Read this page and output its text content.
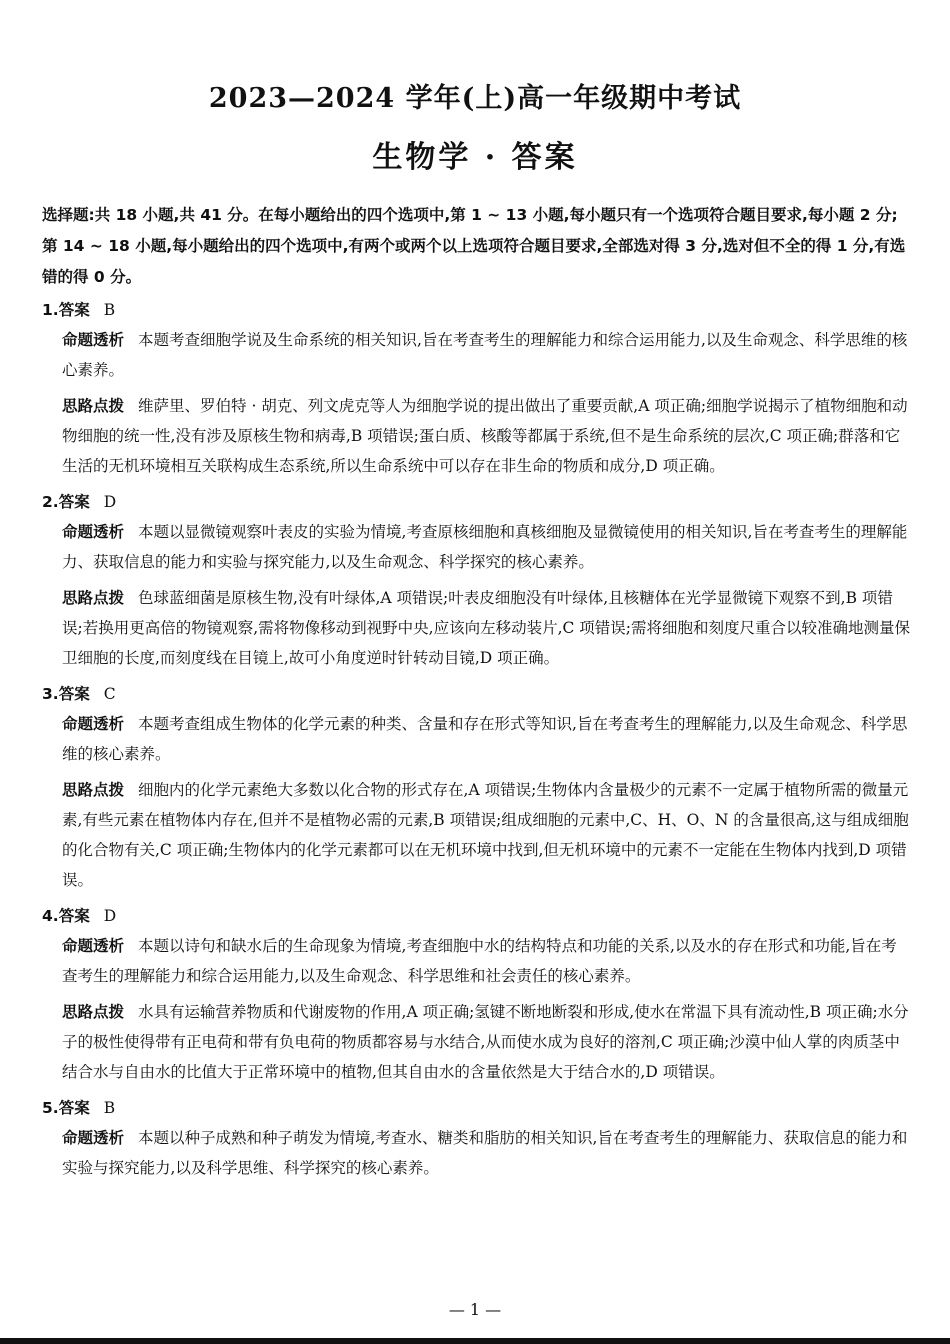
2023—2024 学年(上)高一年级期中考试
生物学 · 答案
选择题:共 18 小题,共 41 分。在每小题给出的四个选项中,第 1 ~ 13 小题,每小题只有一个选项符合题目要求,每小题 2 分;第 14 ~ 18 小题,每小题给出的四个选项中,有两个或两个以上选项符合题目要求,全部选对得 3 分,选对但不全的得 1 分,有选错的得 0 分。
1.答案 B
命题透析 本题考查细胞学说及生命系统的相关知识,旨在考查考生的理解能力和综合运用能力,以及生命观念、科学思维的核心素养。
思路点拨 维萨里、罗伯特 · 胡克、列文虎克等人为细胞学说的提出做出了重要贡献,A 项正确;细胞学说揭示了植物细胞和动物细胞的统一性,没有涉及原核生物和病毒,B 项错误;蛋白质、核酸等都属于系统,但不是生命系统的层次,C 项正确;群落和它生活的无机环境相互关联构成生态系统,所以生命系统中可以存在非生命的物质和成分,D 项正确。
2.答案 D
命题透析 本题以显微镜观察叶表皮的实验为情境,考查原核细胞和真核细胞及显微镜使用的相关知识,旨在考查考生的理解能力、获取信息的能力和实验与探究能力,以及生命观念、科学探究的核心素养。
思路点拨 色球蓝细菌是原核生物,没有叶绿体,A 项错误;叶表皮细胞没有叶绿体,且核糖体在光学显微镜下观察不到,B 项错误;若换用更高倍的物镜观察,需将物像移动到视野中央,应该向左移动装片,C 项错误;需将细胞和刻度尺重合以较准确地测量保卫细胞的长度,而刻度线在目镜上,故可小角度逆时针转动目镜,D 项正确。
3.答案 C
命题透析 本题考查组成生物体的化学元素的种类、含量和存在形式等知识,旨在考查考生的理解能力,以及生命观念、科学思维的核心素养。
思路点拨 细胞内的化学元素绝大多数以化合物的形式存在,A 项错误;生物体内含量极少的元素不一定属于植物所需的微量元素,有些元素在植物体内存在,但并不是植物必需的元素,B 项错误;组成细胞的元素中,C、H、O、N 的含量很高,这与组成细胞的化合物有关,C 项正确;生物体内的化学元素都可以在无机环境中找到,但无机环境中的元素不一定能在生物体内找到,D 项错误。
4.答案 D
命题透析 本题以诗句和缺水后的生命现象为情境,考查细胞中水的结构特点和功能的关系,以及水的存在形式和功能,旨在考查考生的理解能力和综合运用能力,以及生命观念、科学思维和社会责任的核心素养。
思路点拨 水具有运输营养物质和代谢废物的作用,A 项正确;氢键不断地断裂和形成,使水在常温下具有流动性,B 项正确;水分子的极性使得带有正电荷和带有负电荷的物质都容易与水结合,从而使水成为良好的溶剂,C 项正确;沙漠中仙人掌的肉质茎中结合水与自由水的比值大于正常环境中的植物,但其自由水的含量依然是大于结合水的,D 项错误。
5.答案 B
命题透析 本题以种子成熟和种子萌发为情境,考查水、糖类和脂肪的相关知识,旨在考查考生的理解能力、获取信息的能力和实验与探究能力,以及科学思维、科学探究的核心素养。
— 1 —
